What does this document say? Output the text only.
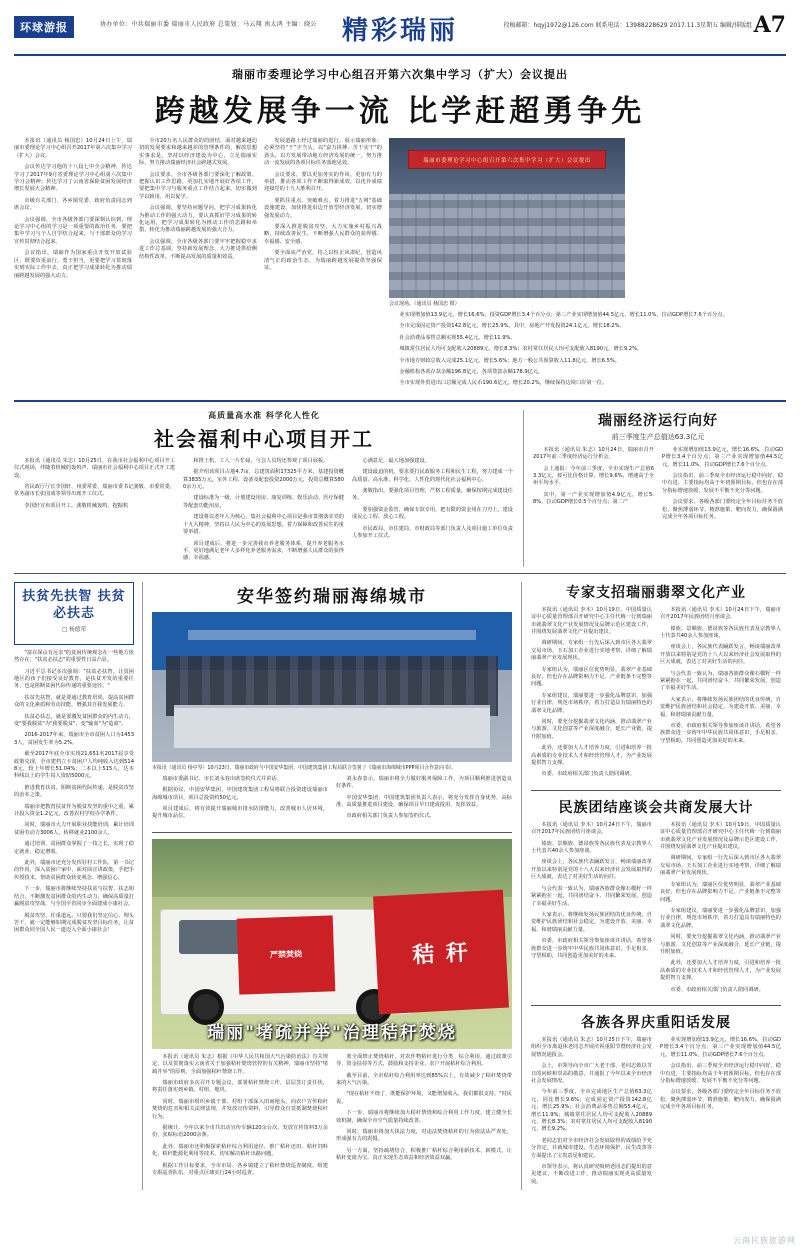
环球游报	协办单位：中共瑞丽市委 瑞丽市人民政府 总策划：马云翔 南太鸿 主编：晓公 精彩瑞丽	投稿邮箱：hqyj1972@126.com 联系电话：13988228629 2017.11.3星期五 编辑/排版组 A7
瑞丽市委理论学习中心组召开第六次集中学习（扩大）会议提出
跨越发展争一流 比学赶超勇争先

本报讯（通讯员 杨国忠）10月24日上午，瑞丽市委理论学习中心组召开2017年第六次集中学习（扩大）会议。

会议传达学习他的十八届七中全会精神，传达学习了2017年9月省委理论学习中心组第六次集中学习会精神；传达学习了云南省保险贫困发展经济增长发展大会精神。

市级有关部门、各乡镇党委、政府负责同志列席会议。

会议强调，全市各级各部门要深刻认识到，理论学习中心组的学习是一项重要的政治任务，要把集中学习与个人自学结合起来，与干部群众的学习宣传贯彻结合起来。

会议指出，瑞丽作为国家重点开发开放试验区，既要负重前行、勇于担当，更要把学习贯彻落实到实际工作中去，真正把学习成果转化为推动瑞丽跨越发展的强大动力。

全市20万名人民群众的的团结、面对越来越迫切的发展要求和越来越差的管理条件的，解放思想实事求是，坚持以经济建设为中心，立足瑞丽实际，努力推动瑞丽经济社会跨越式发展。

会议要求，全市各级各部门要深化了解政策、把握认识工作思路，更加扎实地开展好各项工作，要把集中学习与服务重点工作结合起来，切实做到学以致用、用以促学。

会议强调，要坚持问题导向，把学习成果转化为推动工作的强大动力。要认真抓好学习成果的转化运用，把学习成果转化为推动工作的思路和举措，转化为推动瑞丽跨越发展的强大合力。

会议强调，全市各级各部门要牢牢把握稳中求进工作总基调，坚持新发展理念，大力推进供给侧结构性改革，不断提高发展的质量和效益。

发展道路上经过瑞丽的进行，展示瑞丽形象；必须坚持“干”字当头，以"奋力拼搏、苦干实干"的劲头，以方发展带动地方经济发展的统一，努力推动一流发展的各项目标任务落地见效。

会议要求，要以更加务实的作风、更加有力的举措，推动各项工作不断取得新成效，以优异成绩迎接党的十九大胜利召开。

要抓住重点、突破难点，着力推进"五网"基础设施建设，加快推进沿边开放型经济发展，切实增强发展动力。

要深入推进脱贫攻坚，大力实施乡村振兴战略，持续改善民生，不断增强人民群众的获得感、幸福感、安全感。

要全面从严治党，持之以恒正风肃纪，营造风清气正的政治生态，为瑞丽跨越发展提供坚强保证。

瑞丽市委理论学习中心组召开第六次集中学习（扩大）会议提出
会议现场。（通讯员 杨国忠 摄）

业实现增加值13.9亿元，增长16.6%。投资GDP增长3.4个百分点；第三产业实现增加值44.5亿元，增长11.0%，拉动GDP增长7.6个百分点。

全市完成固定资产投资142.8亿元，增长25.9%。其中，房地产开发投资24.1亿元，增长18.2%。

社会消费品零售总额实现55.4亿元，增长11.9%。

城镇常住居民人均可支配收入20889元，增长8.3%；农村常住居民人均可支配收入8190元，增长9.2%。

全市地方财政总收入完成25.1亿元，增长5.6%；地方一般公共预算收入11.8亿元，增长6.5%。

金融机构各项存款余额196.8亿元，各项贷款余额178.9亿元。

全市实现外贸进出口总额完成人民币190.6亿元，增长20.2%，继续保持边境口岸第一位。

高质量高水准 科学化人性化
社会福利中心项目开工

本报讯（通讯员 朱志）10月25日，在我市社会福利中心项目开工仪式现场，伴随着机械的轰鸣声，瑞丽市社会福利中心项目正式开工建设。

省民政厅厅长李国轩、州委常委、瑞丽市委书记龚敬、市委常委、常务副市长张国成等领导出席开工仪式。

李国轩宣布项目开工。龚敬机械轰鸣，挖掘机

和推土机、工人一片忙碌，与会人员均还参观了项目展板。

据介绍该项目占地4.7亩，总建筑面积17325平方米，基建投资概算3835万元，室外工程、设备及配套投资2000万元，投资总概算5800余万元。

建设标准为一级，计划建设用房、康复训练、娱乐活动、医疗保健等配套功能用房。

建设将以老年人为核心，集社会福利中心项目是我市贯彻落实党的十九大精神，坚持以人民为中心的发展思想，着力保障和改善民生的重要举措。

项目建成后，将进一步完善我市养老服务体系，提升养老服务水平，更好地满足老年人多样化养老服务需求，不断增强人民群众的获得感、幸福感。

心满意足，最大地加强建设。

建设最迫的机，要求要打民政服务工程和民生工程，努力建成一个高质量、高水准、科学化、人性化的现代化社会福利中心。

龚敬指出，要强化项目管理，严格工程质量，确保按期完成建设任务。

要加强资金监管，确保专款专用，把有限的资金用在刀刃上，建设成民心工程、放心工程。

市民政局、市住建局、市财政局等部门负责人及项目施工单位负责人参加开工仪式。

瑞丽经济运行向好
前三季度生产总值达63.3亿元

本报讯（通讯员 朱志）10月24日，瑞丽市召开2017年前三季度经济运行分析会。

会上通报：今年前三季度，全市实现生产总值63.3亿元，按可比价格计算，增长9.6%，增速高于全州平均水平。

其中，第一产业实现增加值4.9亿元，增长5.8%，拉动GDP增长0.5个百分点；第二产

业实现增加值13.9亿元，增长16.6%，拉动GDP增长3.4个百分点；第三产业实现增加值44.5亿元，增长11.0%，拉动GDP增长7.6个百分点。

会议指出，前三季度全市经济运行稳中向好、稳中有进，主要指标均高于年初预期目标，但也存在部分指标增速放缓、发展不平衡不充分等问题。

会议要求，各级各部门要咬定全年目标任务不放松，聚焦薄弱环节，精准施策、靶向发力，确保圆满完成全年各项目标任务。

扶贫先扶智 扶贫必扶志
□ 杨德荣

"富在深山有远亲"的贫困传统观念在一些地方依然存在，"扶贫必扶志"的重要性日益凸显。

习近平总书记多次强调："扶贫必扶智。让贫困地区的孩子们接受良好教育，是扶贫开发的重要任务，也是阻断贫困代际传递的重要途径。"

扶贫先扶智，就是要通过教育培训，提高贫困群众的文化素质和劳动技能，增强其自我发展能力。

扶贫必扶志，就是要激发贫困群众的内生动力，变"要我脱贫"为"我要脱贫"，变"输血"为"造血"。

2016-2017年来，瑞丽市全市贫困人口为14533人，贫困发生率为5.2%。

截至2017年底全市实现21,651名2017届享受政策兑现，全市建档立卡贫困户人均纯收入达到5148元，较上年增长51.04%；二本以上515人，达本科线以上的学生每人资助5000元。

推进教育扶贫，阻断贫困代际传递，是脱贫攻坚的治本之策。

瑞丽市把教育扶贫作为脱贫攻坚的重中之重，累计投入资金1.2亿元，改善农村学校办学条件。

同时，瑞丽市大力开展职业技能培训，累计培训贫困劳动力3006人，转移就业2100余人。

通过培训，贫困群众掌握了一技之长，实现了稳定就业、稳定增收。

此外，瑞丽市还充分发挥驻村工作队、第一书记的作用，深入贫困户家中，面对面宣讲政策，手把手传授技术，帮助贫困群众转变观念、增强信心。

下一步，瑞丽市将继续坚持扶贫与扶智、扶志相结合，不断激发贫困群众的内生动力，确保高质量打赢脱贫攻坚战，与全国全省同步全面建成小康社会。

脱贫攻坚，任重道远。只要我们坚定信心、埋头苦干，就一定能够如期完成脱贫攻坚目标任务，让贫困群众同全国人民一道迈入全面小康社会！

安华签约瑞丽海绵城市
本报讯（通讯员 杨亭琴）10月23日，瑞丽市政府与中国安华集团、中国建筑集团工程局联合签署了《瑞丽市海绵城市PPP项目合作意向书》。

瑞丽市委副书记、市长刘永春出席签约仪式并讲话。

根据协议，中国安华集团、中国建筑集团工程局将联合投资建设瑞丽市海绵城市项目，项目总投资约50亿元。

项目建成后，将有效提升瑞丽城市排水防涝能力，改善城市人居环境，提升城市品位。

刘永春表示，瑞丽市将全力做好服务保障工作，为项目顺利推进创造良好条件。

中国安华集团、中国建筑集团负责人表示，将充分发挥自身优势，高标准、高质量推进项目建设，确保项目早日建成投用、发挥效益。

市政府相关部门负责人参加签约仪式。

严禁焚烧	秸 秆
瑞丽"堵疏并举"治理秸秆焚烧

本报讯（通讯员 朱志）根据《中华人民共和国大气污染防治法》有关规定，以及贯彻落实云南省关于加强秸秆焚烧管控的有关精神，瑞丽市坚持"堵疏并举"的原则，全面加强秸秆禁烧工作。

瑞丽市政府多次召开专题会议，部署秸秆禁烧工作，层层签订责任状，将责任落实到乡镇、村组、地块。

同时，瑞丽市组织乡镇干部、村组干部深入田间地头，向农户宣传秸秆焚烧的危害和相关法律法规，并发放宣传资料，引导群众自觉抵制焚烧秸秆行为。

据统计，今年以来全市共出动宣传车辆120余台次，发放宣传资料3万余份，张贴标语2000余条。

此外，瑞丽市还积极探索秸秆综合利用途径，推广秸秆还田、秸秆饲料化、秸秆能源化利用等技术，切实解决秸秆出路问题。

根据工作目标要求，全市市局、各乡镇建立了秸秆禁烧巡查制度，组建专职巡查队伍，对重点区域实行24小时巡查。

墨全面禁止焚烧秸秆，对农作物秸秆进行分类、综合利用，通过政策引导、资金扶持等方式，鼓励和支持企业、农户开展秸秆综合利用。

截至目前，全市秸秆综合利用率达到85%以上，有效减少了秸秆焚烧带来的大气污染。

"现在秸秆不烧了，既能保护环境，又能增加收入，我们都很支持。"村民说。

下一步，瑞丽市将继续加大秸秆禁烧和综合利用工作力度，建立健全长效机制，确保全市空气质量持续改善。

同时，瑞丽市将加大执法力度，对违法焚烧秸秆的行为依法从严查处，形成强有力的震慑。

另一方面，坚持疏堵结合，积极推广秸秆综合利用新技术、新模式，让秸秆变废为宝，真正实现生态效益和经济效益双赢。

专家支招瑞丽翡翠文化产业

本报讯（通讯员 李木）10月19日，中国质量认证中心质量管理部召开研究中心主任代梅一行到瑞丽市就翡翠文化产业发展情况及品牌示范区建设工作，并围绕发展翡翠文化产业提出建议。

调研期间，专家组一行先后深入到市区各大翡翠交易市场、玉石加工企业进行实地考察，详细了解瑞丽翡翠产业发展现状。

专家组认为，瑞丽区位优势明显，翡翠产业基础良好，但也存在品牌影响力不足、产业链条不完整等问题。

专家组建议，瑞丽要进一步强化品牌意识，加强行业自律，规范市场秩序，着力打造具有瑞丽特色的翡翠文化品牌。

同时，要充分挖掘翡翠文化内涵，推动翡翠产业与旅游、文化创意等产业深度融合，延长产业链，提升附加值。

此外，还要加大人才培养力度，引进和培养一批高素质的专业技术人才和经营管理人才，为产业发展提供智力支撑。

市委、市政府相关部门负责人陪同调研。

本报讯（通讯员 李木）10月24日下午，瑞丽市召开2017年民族团结月座谈会。

傣族、景颇族、德昂族等各民族代表及宗教界人士代表共40余人参加座谈。

座谈会上，各民族代表踊跃发言，畅谈瑞丽改革开放以来特别是党的十八大以来经济社会发展取得的巨大成就，表达了对美好生活的向往。

与会代表一致认为，瑞丽各族群众像石榴籽一样紧紧抱在一起，共同团结奋斗、共同繁荣发展，创造了幸福美好生活。

大家表示，将继续发扬民族团结的优良传统，自觉维护民族团结和社会稳定，为建设开放、美丽、幸福、和谐瑞丽贡献力量。

市委、市政府相关领导参加座谈并讲话，希望各族群众进一步铸牢中华民族共同体意识，手足相亲、守望相助，共同创造更加美好的未来。

民族团结座谈会共商发展大计

本报讯（通讯员 李木）10月24日下午，瑞丽市召开2017年民族团结月座谈会。

傣族、景颇族、德昂族等各民族代表及宗教界人士代表共40余人参加座谈。

座谈会上，各民族代表踊跃发言，畅谈瑞丽改革开放以来特别是党的十八大以来经济社会发展取得的巨大成就，表达了对美好生活的向往。

与会代表一致认为，瑞丽各族群众像石榴籽一样紧紧抱在一起，共同团结奋斗、共同繁荣发展，创造了幸福美好生活。

大家表示，将继续发扬民族团结的优良传统，自觉维护民族团结和社会稳定，为建设开放、美丽、幸福、和谐瑞丽贡献力量。

市委、市政府相关领导参加座谈并讲话，希望各族群众进一步铸牢中华民族共同体意识，手足相亲、守望相助，共同创造更加美好的未来。

本报讯（通讯员 李木）10月19日，中国质量认证中心质量管理部召开研究中心主任代梅一行到瑞丽市就翡翠文化产业发展情况及品牌示范区建设工作，并围绕发展翡翠文化产业提出建议。

调研期间，专家组一行先后深入到市区各大翡翠交易市场、玉石加工企业进行实地考察，详细了解瑞丽翡翠产业发展现状。

专家组认为，瑞丽区位优势明显，翡翠产业基础良好，但也存在品牌影响力不足、产业链条不完整等问题。

专家组建议，瑞丽要进一步强化品牌意识，加强行业自律，规范市场秩序，着力打造具有瑞丽特色的翡翠文化品牌。

同时，要充分挖掘翡翠文化内涵，推动翡翠产业与旅游、文化创意等产业深度融合，延长产业链，提升附加值。

此外，还要加大人才培养力度，引进和培养一批高素质的专业技术人才和经营管理人才，为产业发展提供智力支撑。

市委、市政府相关部门负责人陪同调研。

各族各界庆重阳话发展

本报讯（通讯员 朱志）10月25日下午，瑞丽市组织全市离退休老同志开展庆祝重阳节暨经济社会发展情况通报会。

会上，市领导向全市广大老干部、老同志致以节日的问候和崇高的敬意，并通报了今年以来全市经济社会发展情况。

今年前三季度，全市完成地区生产总值63.3亿元，同比增长9.6%；完成固定资产投资142.8亿元，增长25.9%；社会消费品零售总额55.4亿元，增长11.9%；城镇常住居民人均可支配收入20889元，增长8.3%；农村常住居民人均可支配收入8190元，增长9.2%。

老同志们对全市经济社会发展取得的成绩给予充分肯定，并就城市建设、生态环境保护、民生改善等方面提出了宝贵意见和建议。

市领导表示，将认真研究吸纳老同志们提出的意见建议，不断改进工作，推动瑞丽实现更高质量发展。

业实现增加值13.9亿元，增长16.6%，拉动GDP增长3.4个百分点；第三产业实现增加值44.5亿元，增长11.0%，拉动GDP增长7.6个百分点。

会议指出，前三季度全市经济运行稳中向好、稳中有进，主要指标均高于年初预期目标，但也存在部分指标增速放缓、发展不平衡不充分等问题。

会议要求，各级各部门要咬定全年目标任务不放松，聚焦薄弱环节，精准施策、靶向发力，确保圆满完成全年各项目标任务。

云南民族旅游网
